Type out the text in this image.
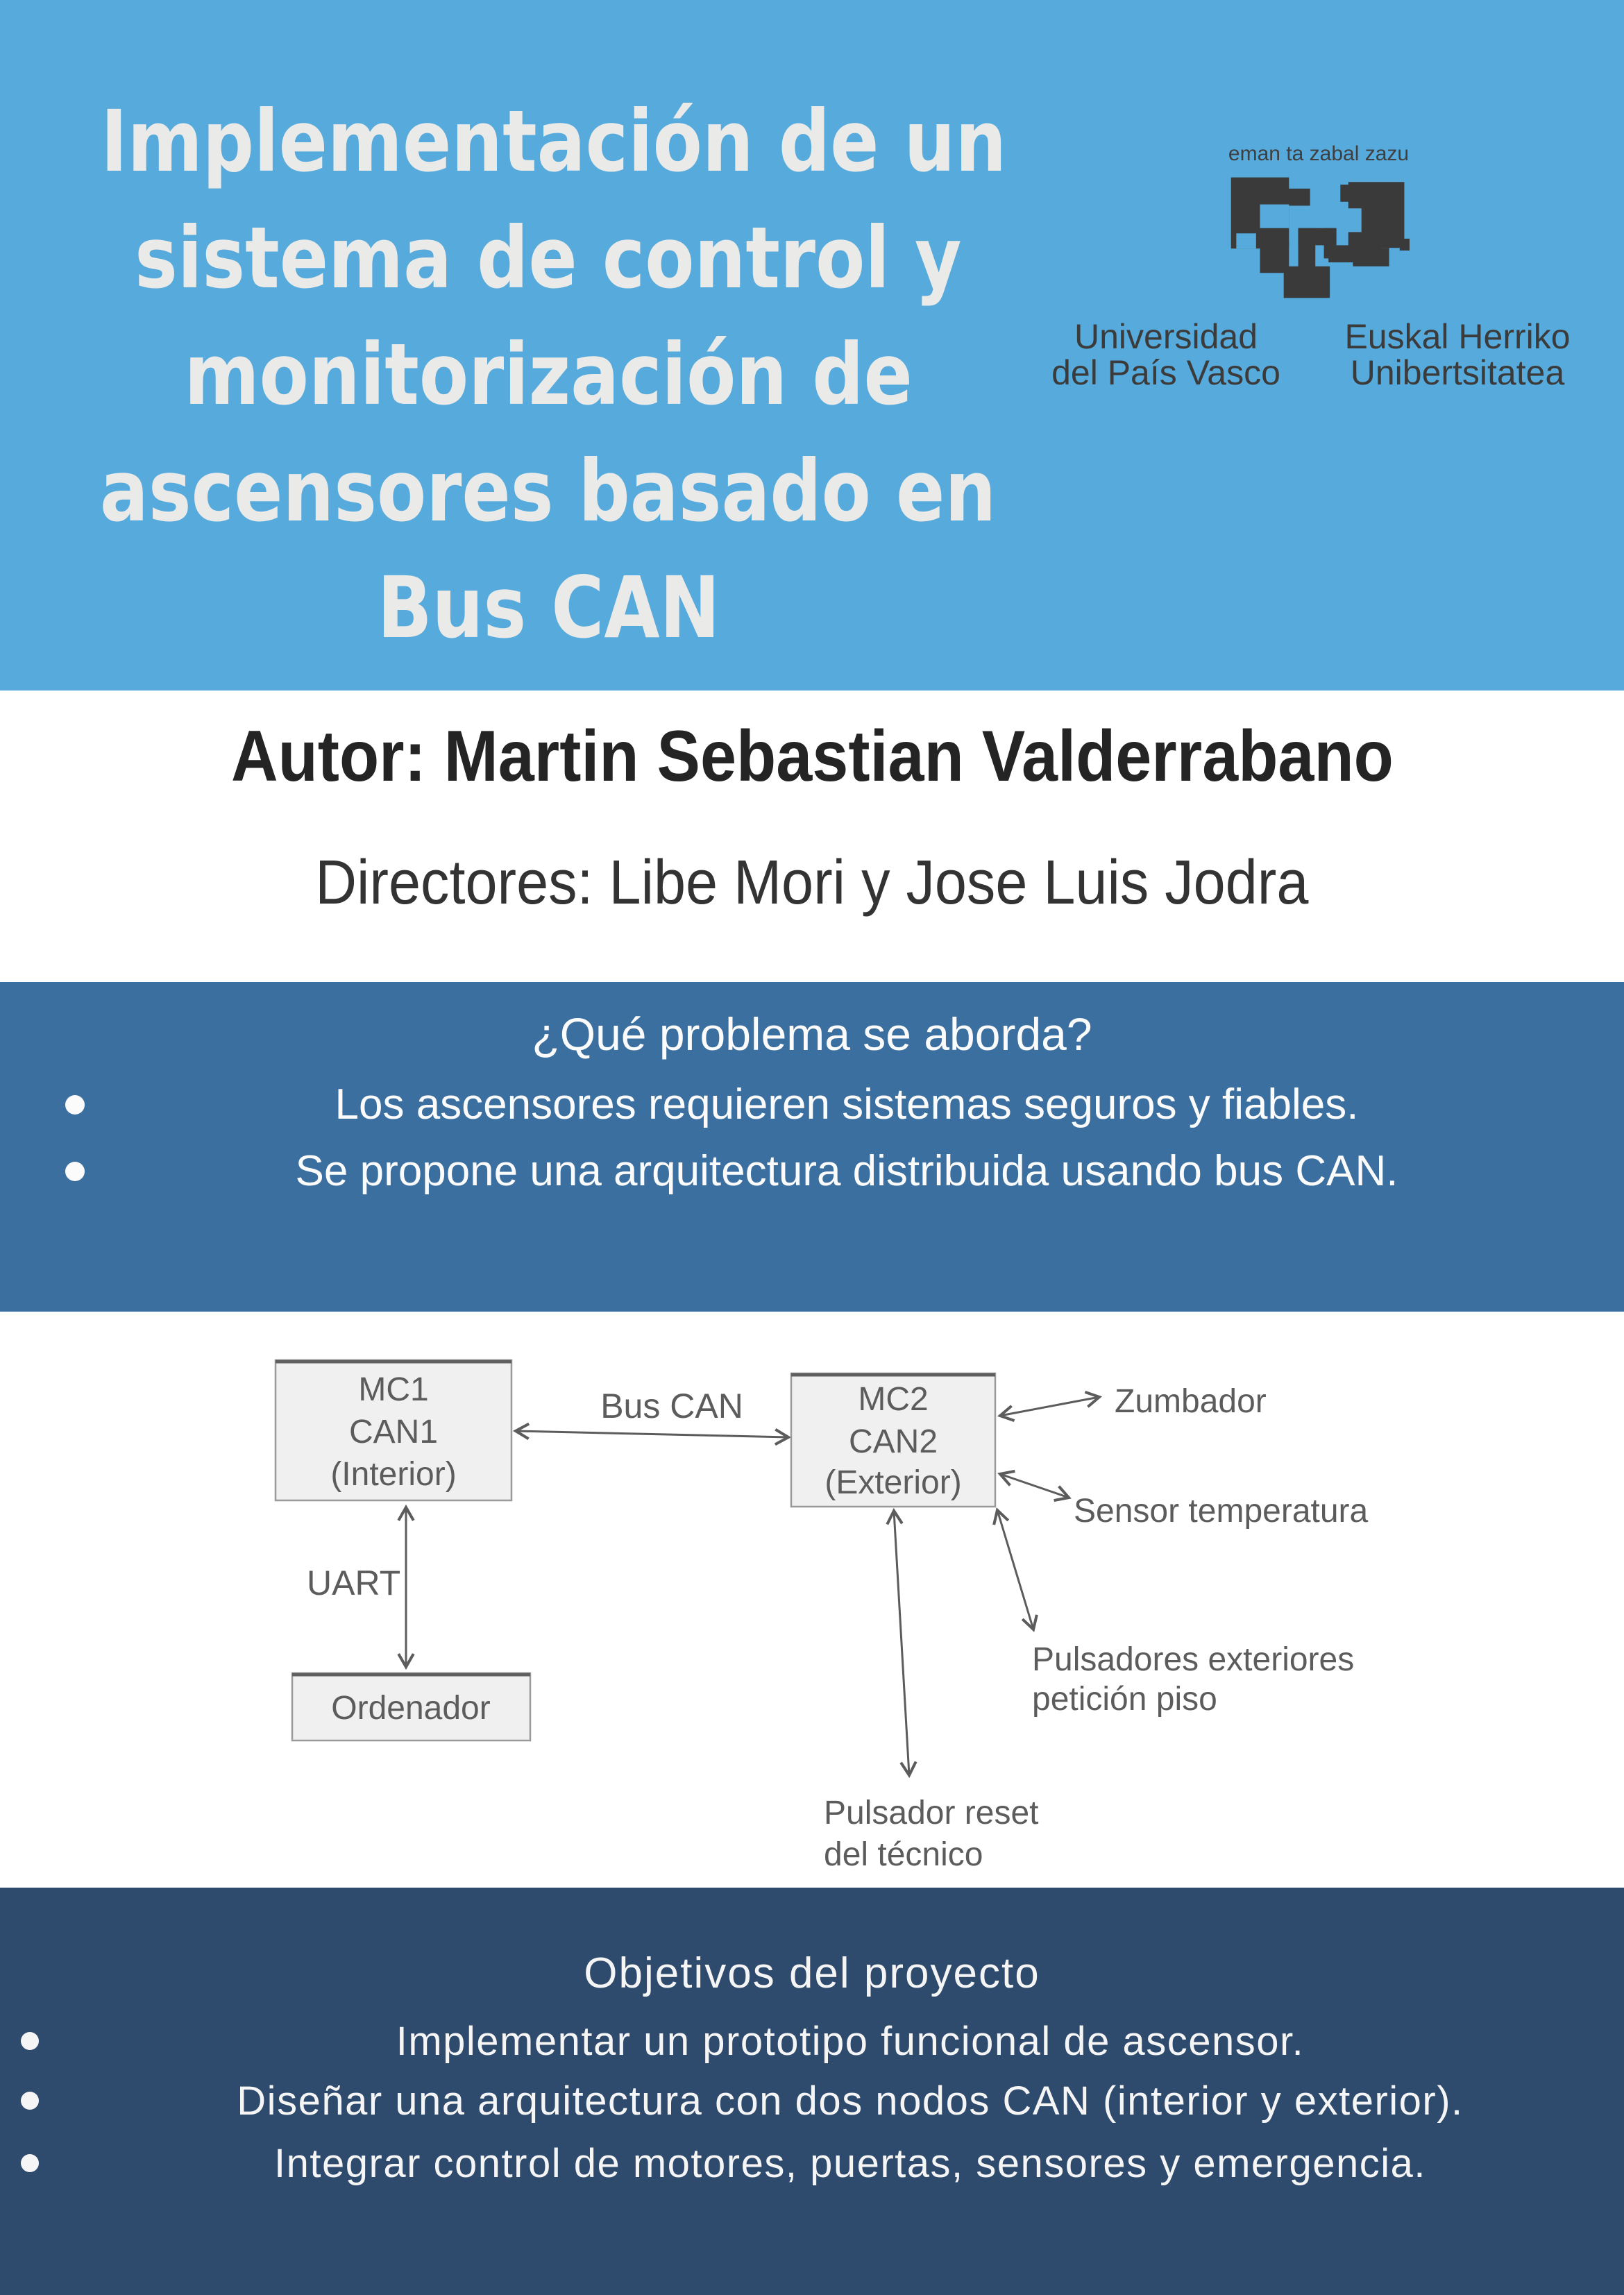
Implementación de un
sistema de control y
monitorización de
ascensores basado en
Bus CAN
eman ta zabal zazu
Universidad
del País Vasco
Euskal Herriko
Unibertsitatea
Autor: Martin Sebastian Valderrabano
Directores: Libe Mori y Jose Luis Jodra
¿Qué problema se aborda?
Los ascensores requieren sistemas seguros y fiables.
Se propone una arquitectura distribuida usando bus CAN.
MC1
CAN1
(Interior)
MC2
CAN2
(Exterior)
Ordenador
Bus CAN
UART
Zumbador
Sensor temperatura
Pulsadores exteriores
petición piso
Pulsador reset
del técnico
Objetivos del proyecto
Implementar un prototipo funcional de ascensor.
Diseñar una arquitectura con dos nodos CAN (interior y exterior).
Integrar control de motores, puertas, sensores y emergencia.
